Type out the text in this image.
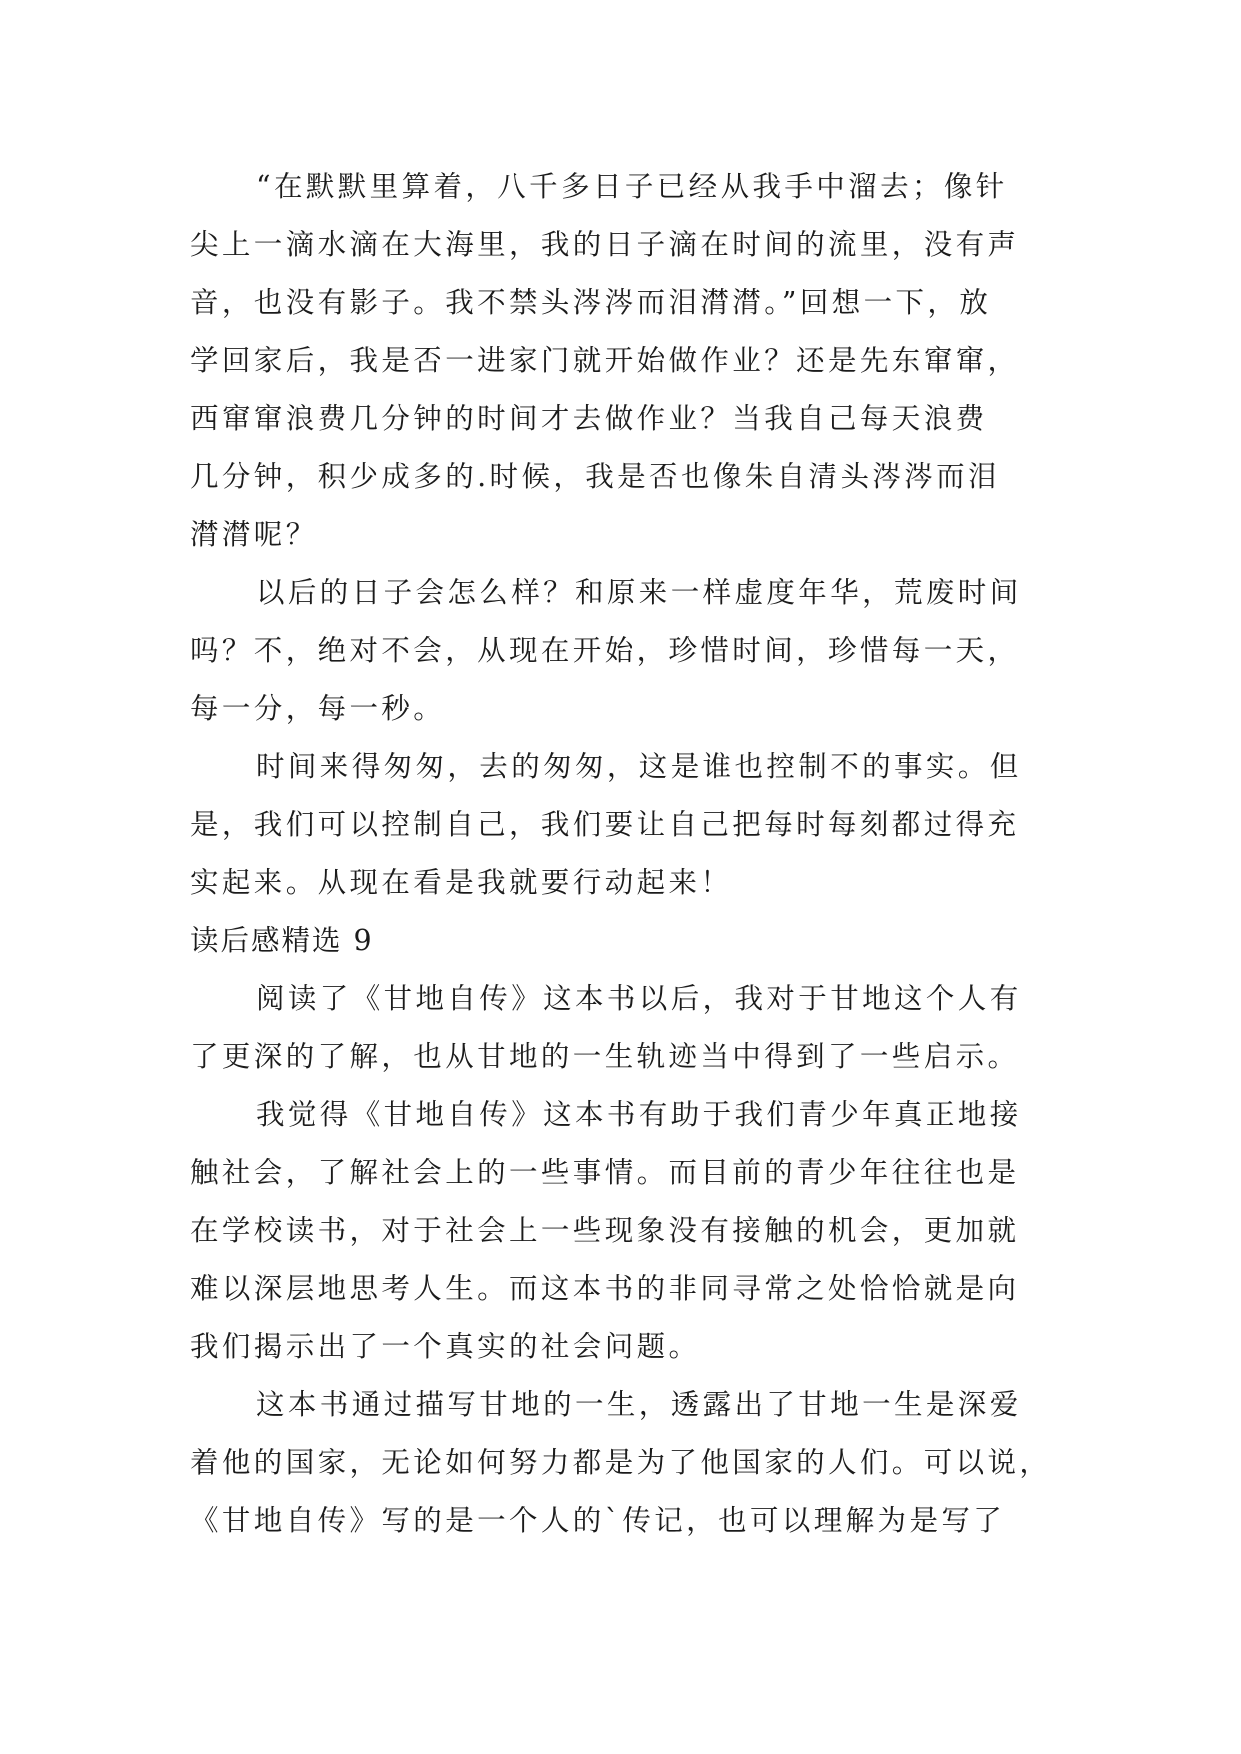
“在默默里算着，八千多日子已经从我手中溜去；像针
尖上一滴水滴在大海里，我的日子滴在时间的流里，没有声
音，也没有影子。我不禁头涔涔而泪潸潸。”回想一下，放
学回家后，我是否一进家门就开始做作业？还是先东窜窜，
西窜窜浪费几分钟的时间才去做作业？当我自己每天浪费
几分钟，积少成多的.时候，我是否也像朱自清头涔涔而泪
潸潸呢？
以后的日子会怎么样？和原来一样虚度年华，荒废时间
吗？不，绝对不会，从现在开始，珍惜时间，珍惜每一天，
每一分，每一秒。
时间来得匆匆，去的匆匆，这是谁也控制不的事实。但
是，我们可以控制自己，我们要让自己把每时每刻都过得充
实起来。从现在看是我就要行动起来！
读后感精选 9
阅读了《甘地自传》这本书以后，我对于甘地这个人有
了更深的了解，也从甘地的一生轨迹当中得到了一些启示。
我觉得《甘地自传》这本书有助于我们青少年真正地接
触社会，了解社会上的一些事情。而目前的青少年往往也是
在学校读书，对于社会上一些现象没有接触的机会，更加就
难以深层地思考人生。而这本书的非同寻常之处恰恰就是向
我们揭示出了一个真实的社会问题。
这本书通过描写甘地的一生，透露出了甘地一生是深爱
着他的国家，无论如何努力都是为了他国家的人们。可以说，
《甘地自传》写的是一个人的`传记，也可以理解为是写了
